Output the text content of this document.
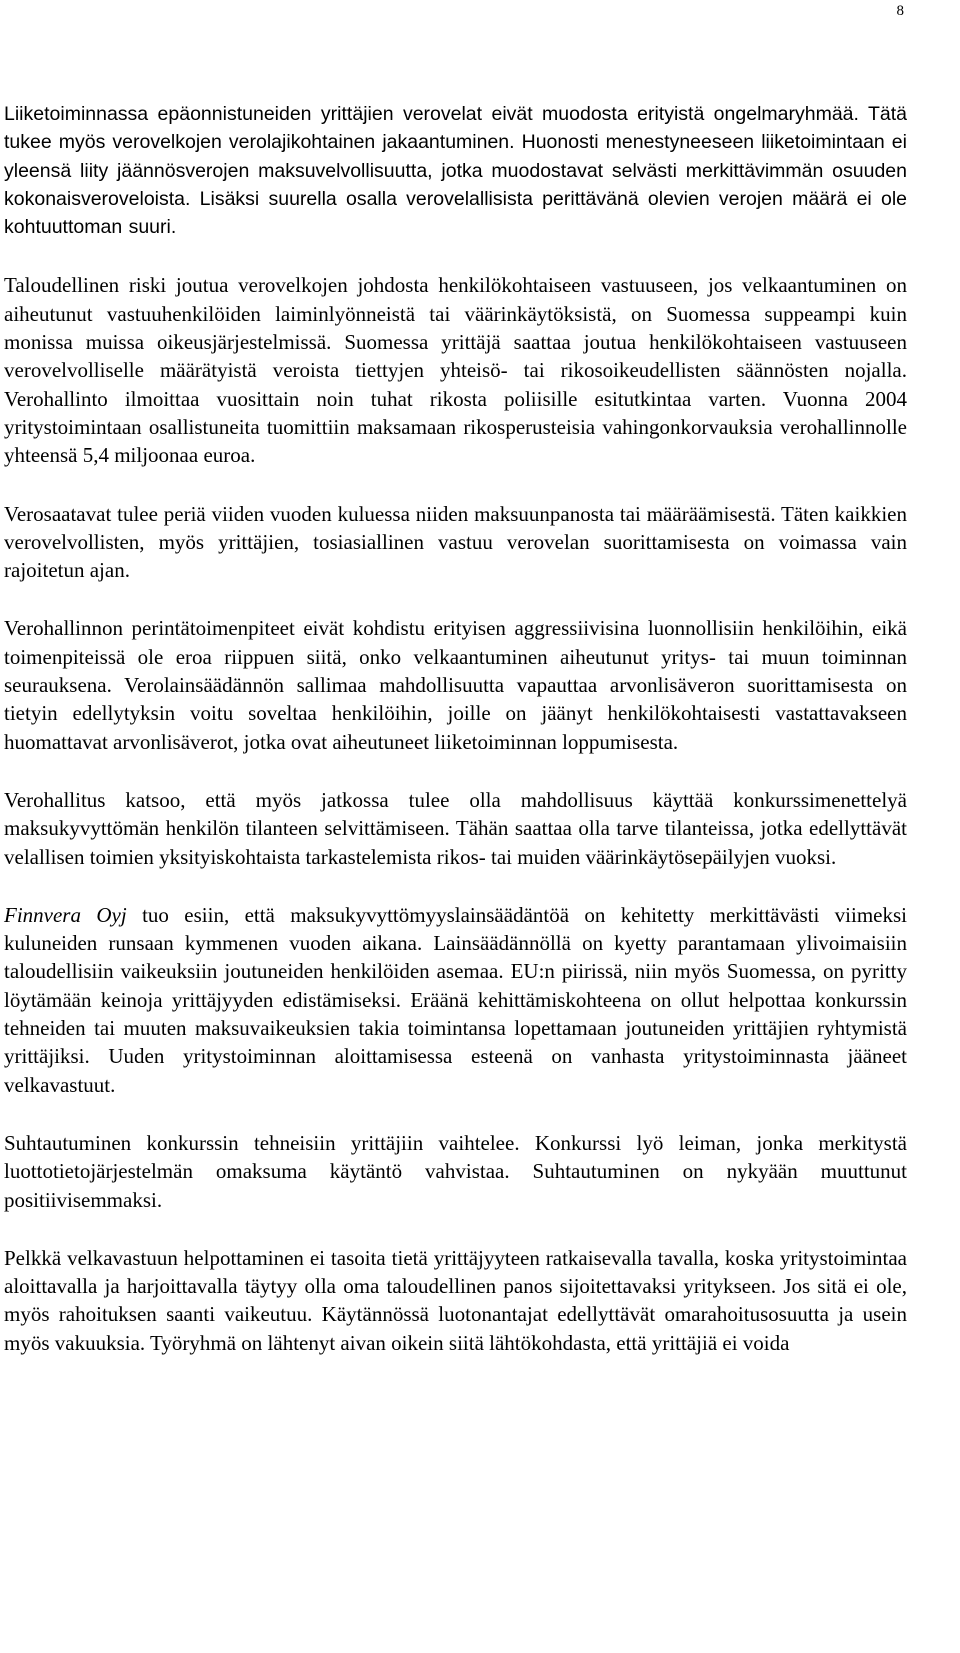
8

Liiketoiminnassa epäonnistuneiden yrittäjien verovelat eivät muodosta erityistä ongelmaryhmää. Tätä tukee myös verovelkojen verolajikohtainen jakaantuminen. Huonosti menestyneeseen liiketoimintaan ei yleensä liity jäännösverojen maksuvelvollisuutta, jotka muodostavat selvästi merkittävimmän osuuden kokonaisveroveloista. Lisäksi suurella osalla verovelallisista perittävänä olevien verojen määrä ei ole kohtuuttoman suuri.

Taloudellinen riski joutua verovelkojen johdosta henkilökohtaiseen vastuuseen, jos velkaantuminen on aiheutunut vastuuhenkilöiden laiminlyönneistä tai väärinkäytöksistä, on Suomessa suppeampi kuin monissa muissa oikeusjärjestelmissä. Suomessa yrittäjä saattaa joutua henkilökohtaiseen vastuuseen verovelvolliselle määrätyistä veroista tiettyjen yhteisö- tai rikosoikeudellisten säännösten nojalla. Verohallinto ilmoittaa vuosittain noin tuhat rikosta poliisille esitutkintaa varten. Vuonna 2004 yritystoimintaan osallistuneita tuomittiin maksamaan rikosperusteisia vahingonkorvauksia verohallinnolle yhteensä 5,4 miljoonaa euroa.

Verosaatavat tulee periä viiden vuoden kuluessa niiden maksuunpanosta tai määräämisestä. Täten kaikkien verovelvollisten, myös yrittäjien, tosiasiallinen vastuu verovelan suorittamisesta on voimassa vain rajoitetun ajan.

Verohallinnon perintätoimenpiteet eivät kohdistu erityisen aggressiivisina luonnollisiin henkilöihin, eikä toimenpiteissä ole eroa riippuen siitä, onko velkaantuminen aiheutunut yritys- tai muun toiminnan seurauksena. Verolainsäädännön sallimaa mahdollisuutta vapauttaa arvonlisäveron suorittamisesta on tietyin edellytyksin voitu soveltaa henkilöihin, joille on jäänyt henkilökohtaisesti vastattavakseen huomattavat arvonlisäverot, jotka ovat aiheutuneet liiketoiminnan loppumisesta.

Verohallitus katsoo, että myös jatkossa tulee olla mahdollisuus käyttää konkurssimenettelyä maksukyvyttömän henkilön tilanteen selvittämiseen. Tähän saattaa olla tarve tilanteissa, jotka edellyttävät velallisen toimien yksityiskohtaista tarkastelemista rikos- tai muiden väärinkäytösepäilyjen vuoksi.

Finnvera Oyj tuo esiin, että maksukyvyttömyyslainsäädäntöä on kehitetty merkittävästi viimeksi kuluneiden runsaan kymmenen vuoden aikana. Lainsäädännöllä on kyetty parantamaan ylivoimaisiin taloudellisiin vaikeuksiin joutuneiden henkilöiden asemaa. EU:n piirissä, niin myös Suomessa, on pyritty löytämään keinoja yrittäjyyden edistämiseksi. Eräänä kehittämiskohteena on ollut helpottaa konkurssin tehneiden tai muuten maksuvaikeuksien takia toimintansa lopettamaan joutuneiden yrittäjien ryhtymistä yrittäjiksi. Uuden yritystoiminnan aloittamisessa esteenä on vanhasta yritystoiminnasta jääneet velkavastuut.

Suhtautuminen konkurssin tehneisiin yrittäjiin vaihtelee. Konkurssi lyö leiman, jonka merkitystä luottotietojärjestelmän omaksuma käytäntö vahvistaa. Suhtautuminen on nykyään muuttunut positiivisemmaksi.

Pelkkä velkavastuun helpottaminen ei tasoita tietä yrittäjyyteen ratkaisevalla tavalla, koska yritystoimintaa aloittavalla ja harjoittavalla täytyy olla oma taloudellinen panos sijoitettavaksi yritykseen. Jos sitä ei ole, myös rahoituksen saanti vaikeutuu. Käytännössä luotonantajat edellyttävät omarahoitusosuutta ja usein myös vakuuksia. Työryhmä on lähtenyt aivan oikein siitä lähtökohdasta, että yrittäjiä ei voida
